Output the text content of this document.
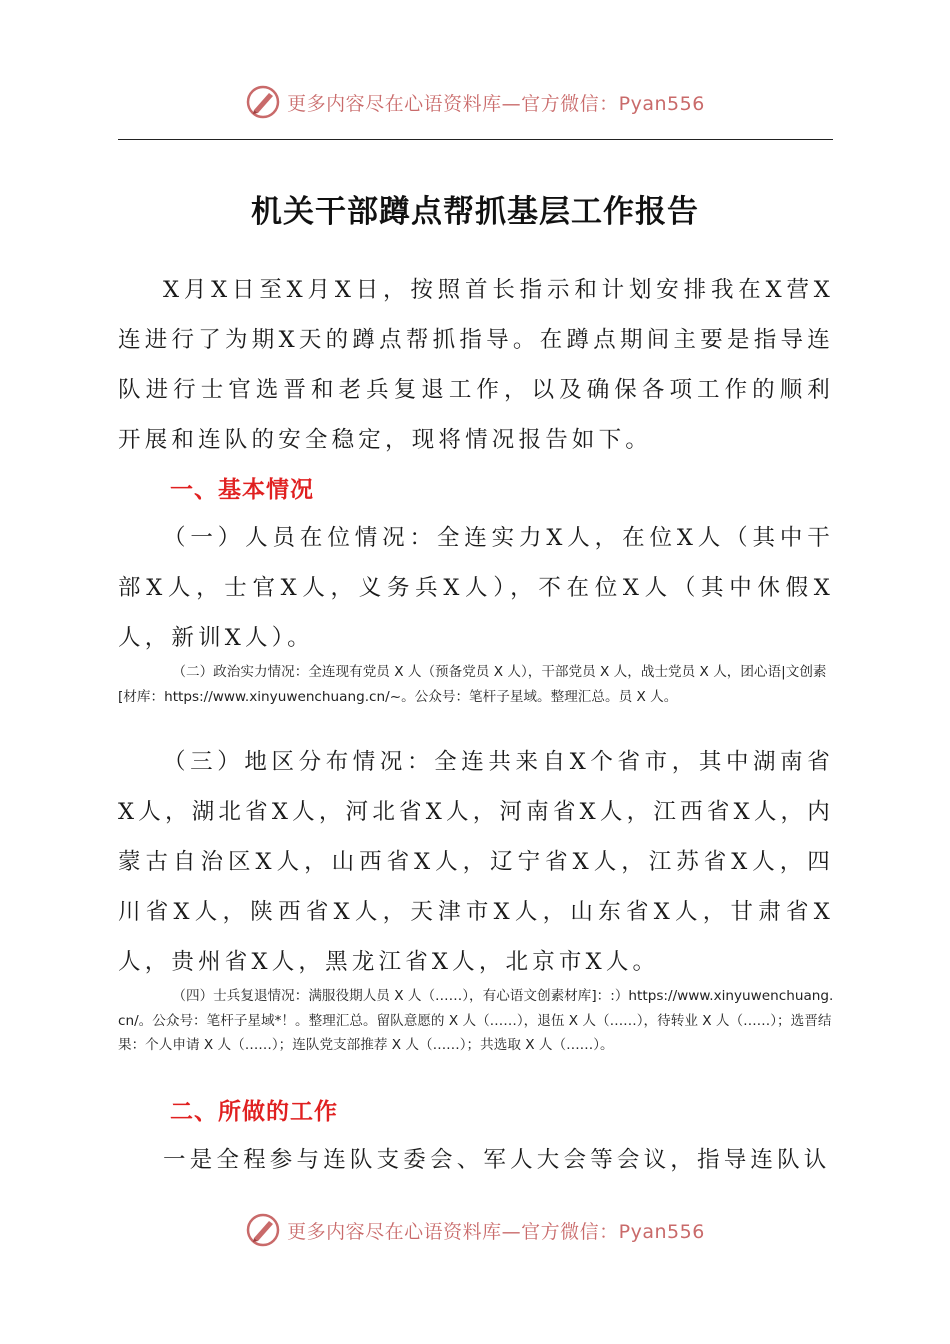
更多内容尽在心语资料库—官方微信：Pyan556
机关干部蹲点帮抓基层工作报告

X月X日至X月X日，按照首长指示和计划安排我在X营X连进行了为期X天的蹲点帮抓指导。在蹲点期间主要是指导连队进行士官选晋和老兵复退工作，以及确保各项工作的顺利开展和连队的安全稳定，现将情况报告如下。

一、基本情况

（一）人员在位情况：全连实力X人，在位X人（其中干部X人，士官X人，义务兵X人），不在位X人（其中休假X人，新训X人）。

（二）政治实力情况：全连现有党员 X 人（预备党员 X 人），干部党员 X 人，战士党员 X 人，团心语|文创素[材库：https://www.xinyuwenchuang.cn/~。公众号：笔杆子星域。整理汇总。员 X 人。

（三）地区分布情况：全连共来自X个省市，其中湖南省X人，湖北省X人，河北省X人，河南省X人，江西省X人，内蒙古自治区X人，山西省X人，辽宁省X人，江苏省X人，四川省X人，陕西省X人，天津市X人，山东省X人，甘肃省X人，贵州省X人，黑龙江省X人，北京市X人。

（四）士兵复退情况：满服役期人员 X 人（……），有心语文创素材库]：:）https://www.xinyuwenchuang.cn/。公众号：笔杆子星域*！。整理汇总。留队意愿的 X 人（……），退伍 X 人（……），待转业 X 人（……）；选晋结果：个人申请 X 人（……）；连队党支部推荐 X 人（……）；共选取 X 人（……）。

二、所做的工作

一是全程参与连队支委会、军人大会等会议，指导连队认

更多内容尽在心语资料库—官方微信：Pyan556
